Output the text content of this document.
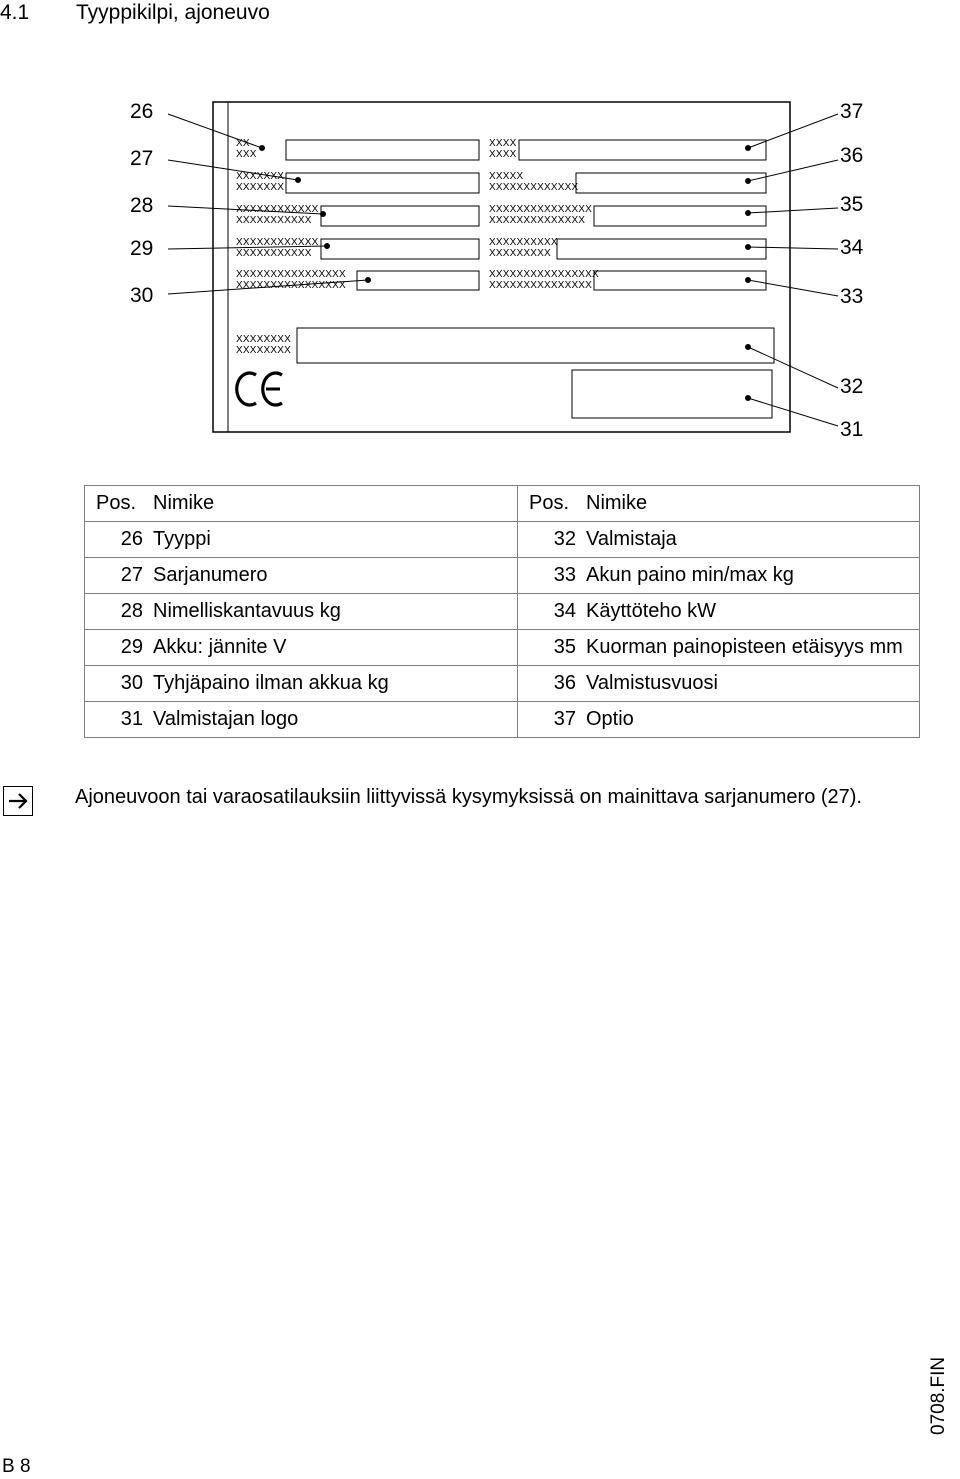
4.1 Tyyppikilpi, ajoneuvo
XX
XXX
XXXXXXX
XXXXXXX
XXXXXXXXXXXX
XXXXXXXXXXX
XXXXXXXXXXXX
XXXXXXXXXXX
XXXXXXXXXXXXXXXX
XXXXXXXXXXXXXXXX
XXXX
XXXX
XXXXX
XXXXXXXXXXXXX
XXXXXXXXXXXXXXX
XXXXXXXXXXXXXX
XXXXXXXXXX
XXXXXXXXX
XXXXXXXXXXXXXXXX
XXXXXXXXXXXXXXX
XXXXXXXX
XXXXXXXX
26
27
28
29
30
37
36
35
34
33
32
31
Pos.	Nimike	Pos.	Nimike
26	Tyyppi	32	Valmistaja
27	Sarjanumero	33	Akun paino min/max kg
28	Nimelliskantavuus kg	34	Käyttöteho kW
29	Akku: jännite V	35	Kuorman painopisteen etäisyys mm
30	Tyhjäpaino ilman akkua kg	36	Valmistusvuosi
31	Valmistajan logo	37	Optio
Ajoneuvoon tai varaosatilauksiin liittyvissä kysymyksissä on mainittava sarjanumero (27).
B 8
0708.FIN
